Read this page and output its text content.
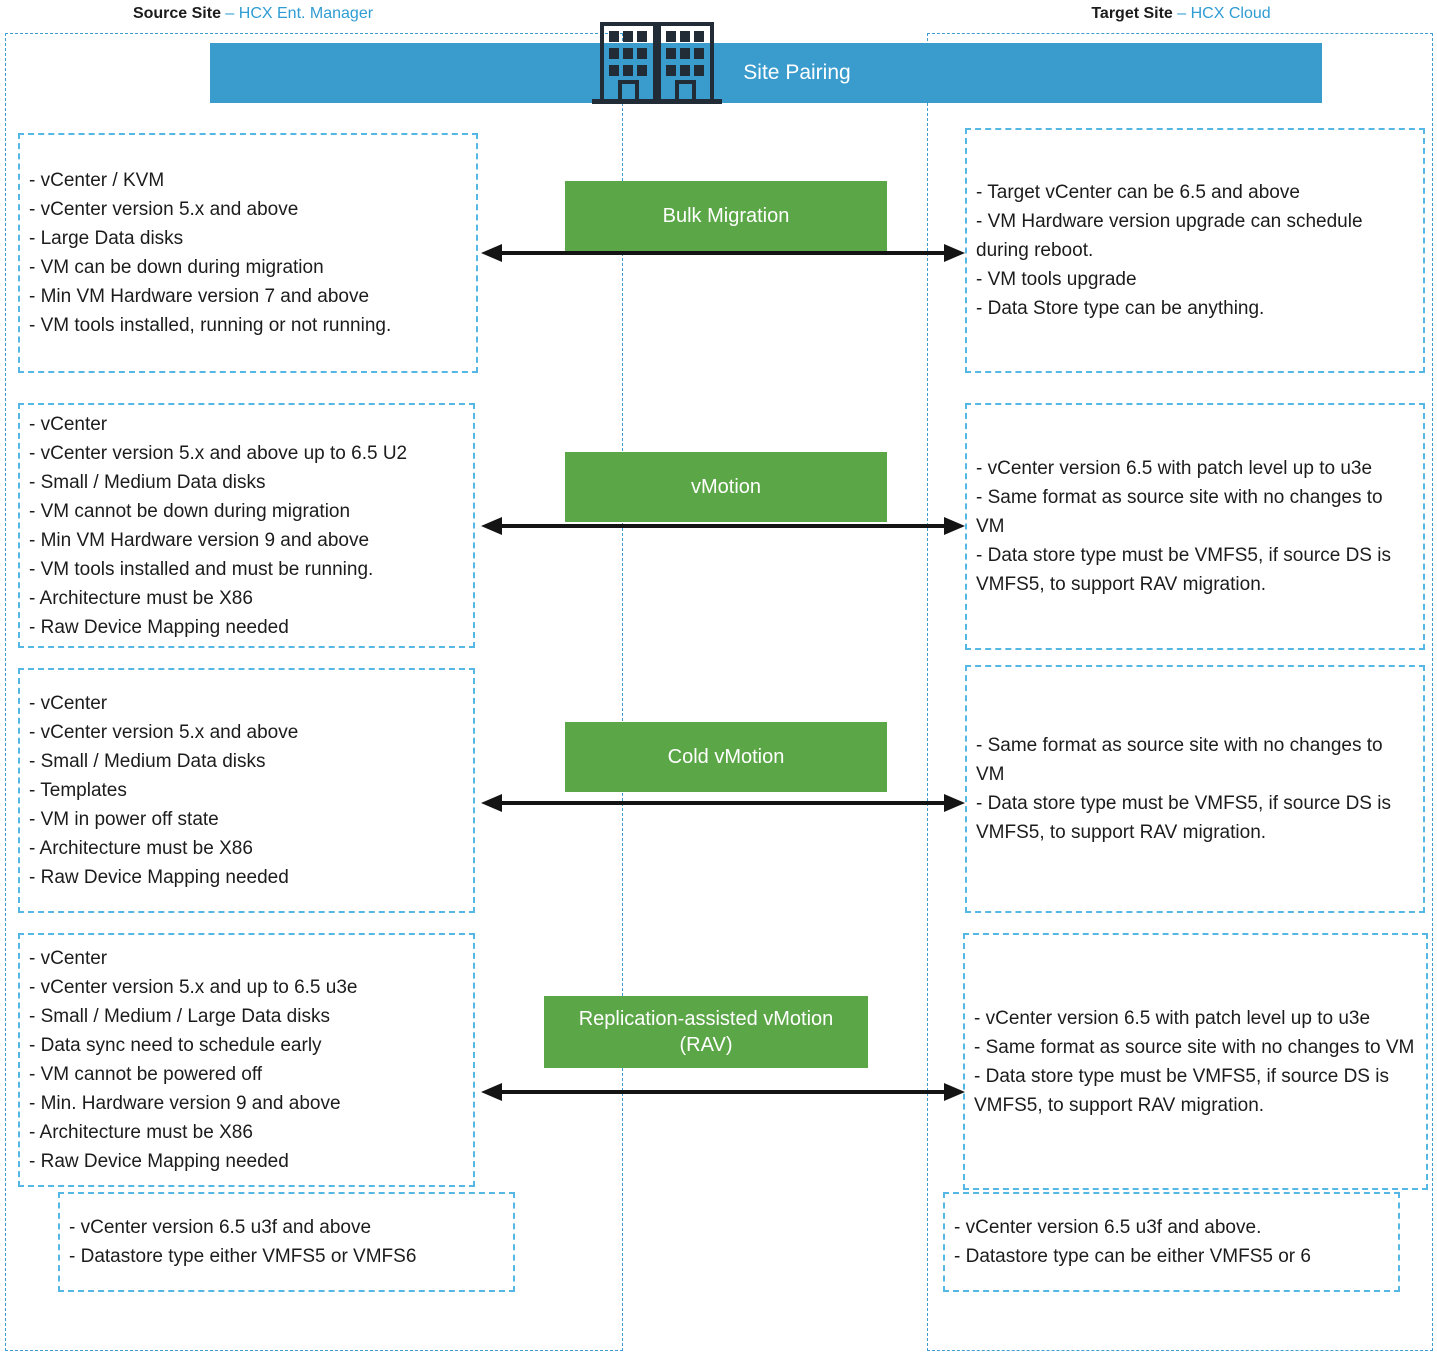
Source Site – HCX Ent. Manager	Target Site – HCX Cloud
Site Pairing
- vCenter / KVM
- vCenter version 5.x and above
- Large Data disks
- VM can be down during migration
- Min VM Hardware version 7 and above
- VM tools installed, running or not running.
- Target vCenter can be 6.5 and above
- VM Hardware version upgrade can schedule during reboot.
- VM tools upgrade
- Data Store type can be anything.
Bulk Migration
- vCenter
- vCenter version 5.x and above up to 6.5 U2
- Small / Medium Data disks
- VM cannot be down during migration
- Min VM Hardware version 9 and above
- VM tools installed and must be running.
- Architecture must be X86
- Raw Device Mapping needed
- vCenter version 6.5 with patch level up to u3e
- Same format as source site with no changes to VM
- Data store type must be VMFS5, if source DS is VMFS5, to support RAV migration.
vMotion
- vCenter
- vCenter version 5.x and above
- Small / Medium Data disks
- Templates
- VM in power off state
- Architecture must be X86
- Raw Device Mapping needed
- Same format as source site with no changes to VM
- Data store type must be VMFS5, if source DS is VMFS5, to support RAV migration.
Cold vMotion
- vCenter
- vCenter version 5.x and up to 6.5 u3e
- Small / Medium / Large Data disks
- Data sync need to schedule early
- VM cannot be powered off
- Min. Hardware version 9 and above
- Architecture must be X86
- Raw Device Mapping needed
- vCenter version 6.5 with patch level up to u3e
- Same format as source site with no changes to VM
- Data store type must be VMFS5, if source DS is VMFS5, to support RAV migration.
Replication-assisted vMotion
(RAV)
- vCenter version 6.5 u3f and above
- Datastore type either VMFS5 or VMFS6
- vCenter version 6.5 u3f and above.
- Datastore type can be either VMFS5 or 6
